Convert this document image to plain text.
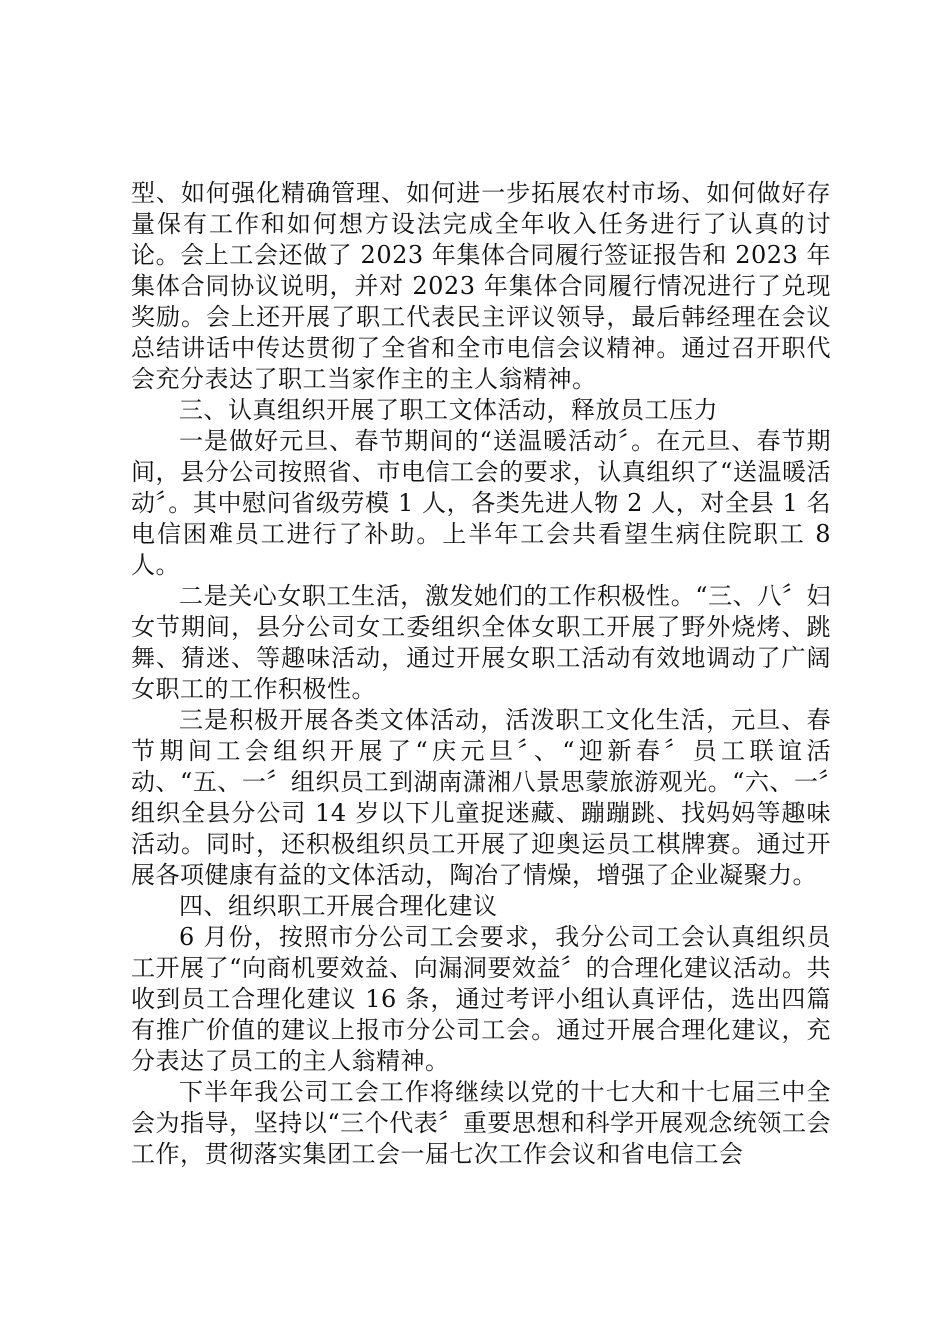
型、如何强化精确管理、如何进一步拓展农村市场、如何做好存量保有工作和如何想方设法完成全年收入任务进行了认真的讨论。会上工会还做了 2023 年集体合同履行签证报告和 2023 年集体合同协议说明，并对 2023 年集体合同履行情况进行了兑现奖励。会上还开展了职工代表民主评议领导，最后韩经理在会议总结讲话中传达贯彻了全省和全市电信会议精神。通过召开职代会充分表达了职工当家作主的主人翁精神。

三、认真组织开展了职工文体活动，释放员工压力

一是做好元旦、春节期间的“送温暖活动〞。在元旦、春节期间，县分公司按照省、市电信工会的要求，认真组织了“送温暖活动〞。其中慰问省级劳模 1 人，各类先进人物 2 人，对全县 1 名电信困难员工进行了补助。上半年工会共看望生病住院职工 8 人。

二是关心女职工生活，激发她们的工作积极性。“三、八〞妇女节期间，县分公司女工委组织全体女职工开展了野外烧烤、跳舞、猜迷、等趣味活动，通过开展女职工活动有效地调动了广阔女职工的工作积极性。

三是积极开展各类文体活动，活泼职工文化生活，元旦、春节期间工会组织开展了“庆元旦〞、“迎新春〞员工联谊活动、“五、一〞组织员工到湖南潇湘八景思蒙旅游观光。“六、一〞组织全县分公司 14 岁以下儿童捉迷藏、蹦蹦跳、找妈妈等趣味活动。同时，还积极组织员工开展了迎奥运员工棋牌赛。通过开展各项健康有益的文体活动，陶冶了情燥，增强了企业凝聚力。

四、组织职工开展合理化建议

6 月份，按照市分公司工会要求，我分公司工会认真组织员工开展了“向商机要效益、向漏洞要效益〞的合理化建议活动。共收到员工合理化建议 16 条，通过考评小组认真评估，选出四篇有推广价值的建议上报市分公司工会。通过开展合理化建议，充分表达了员工的主人翁精神。

下半年我公司工会工作将继续以党的十七大和十七届三中全会为指导，坚持以“三个代表〞重要思想和科学开展观念统领工会工作，贯彻落实集团工会一届七次工作会议和省电信工会
